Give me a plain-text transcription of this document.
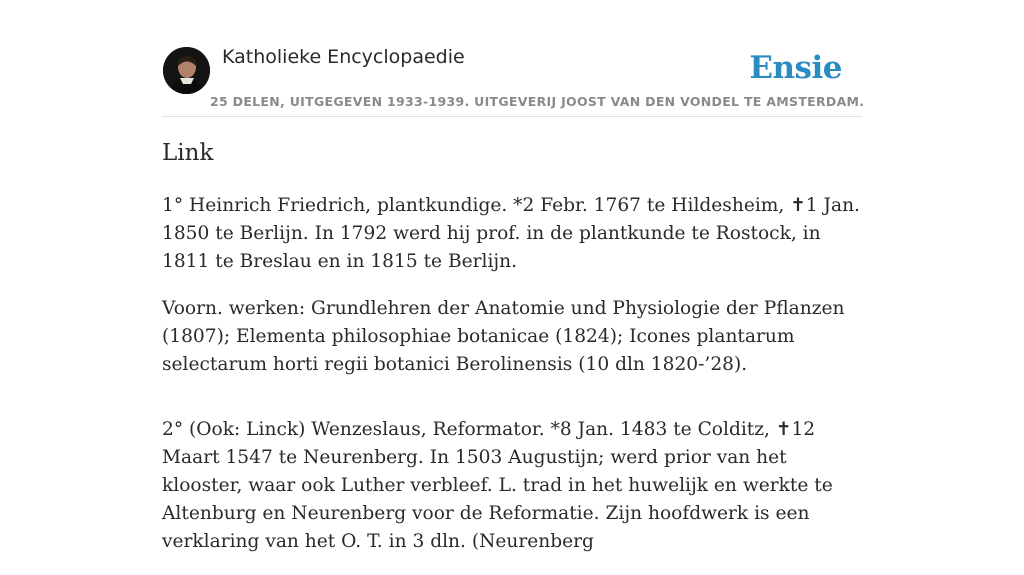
Katholieke Encyclopaedie	Ensie
25 DELEN, UITGEGEVEN 1933-1939. UITGEVERIJ JOOST VAN DEN VONDEL TE AMSTERDAM.
Link

1° Heinrich Friedrich, plantkundige. *2 Febr. 1767 te Hildesheim, ✝1 Jan. 1850 te Berlijn. In 1792 werd hij prof. in de plantkunde te Rostock, in 1811 te Breslau en in 1815 te Berlijn.

Voorn. werken: Grundlehren der Anatomie und Physiologie der Pflanzen (1807); Elementa philosophiae botanicae (1824); Icones plantarum selectarum horti regii botanici Berolinensis (10 dln 1820-’28).

2° (Ook: Linck) Wenzeslaus, Reformator. *8 Jan. 1483 te Colditz, ✝12 Maart 1547 te Neurenberg. In 1503 Augustijn; werd prior van het klooster, waar ook Luther verbleef. L. trad in het huwelijk en werkte te Altenburg en Neurenberg voor de Reformatie. Zijn hoofdwerk is een verklaring van het O. T. in 3 dln. (Neurenberg
